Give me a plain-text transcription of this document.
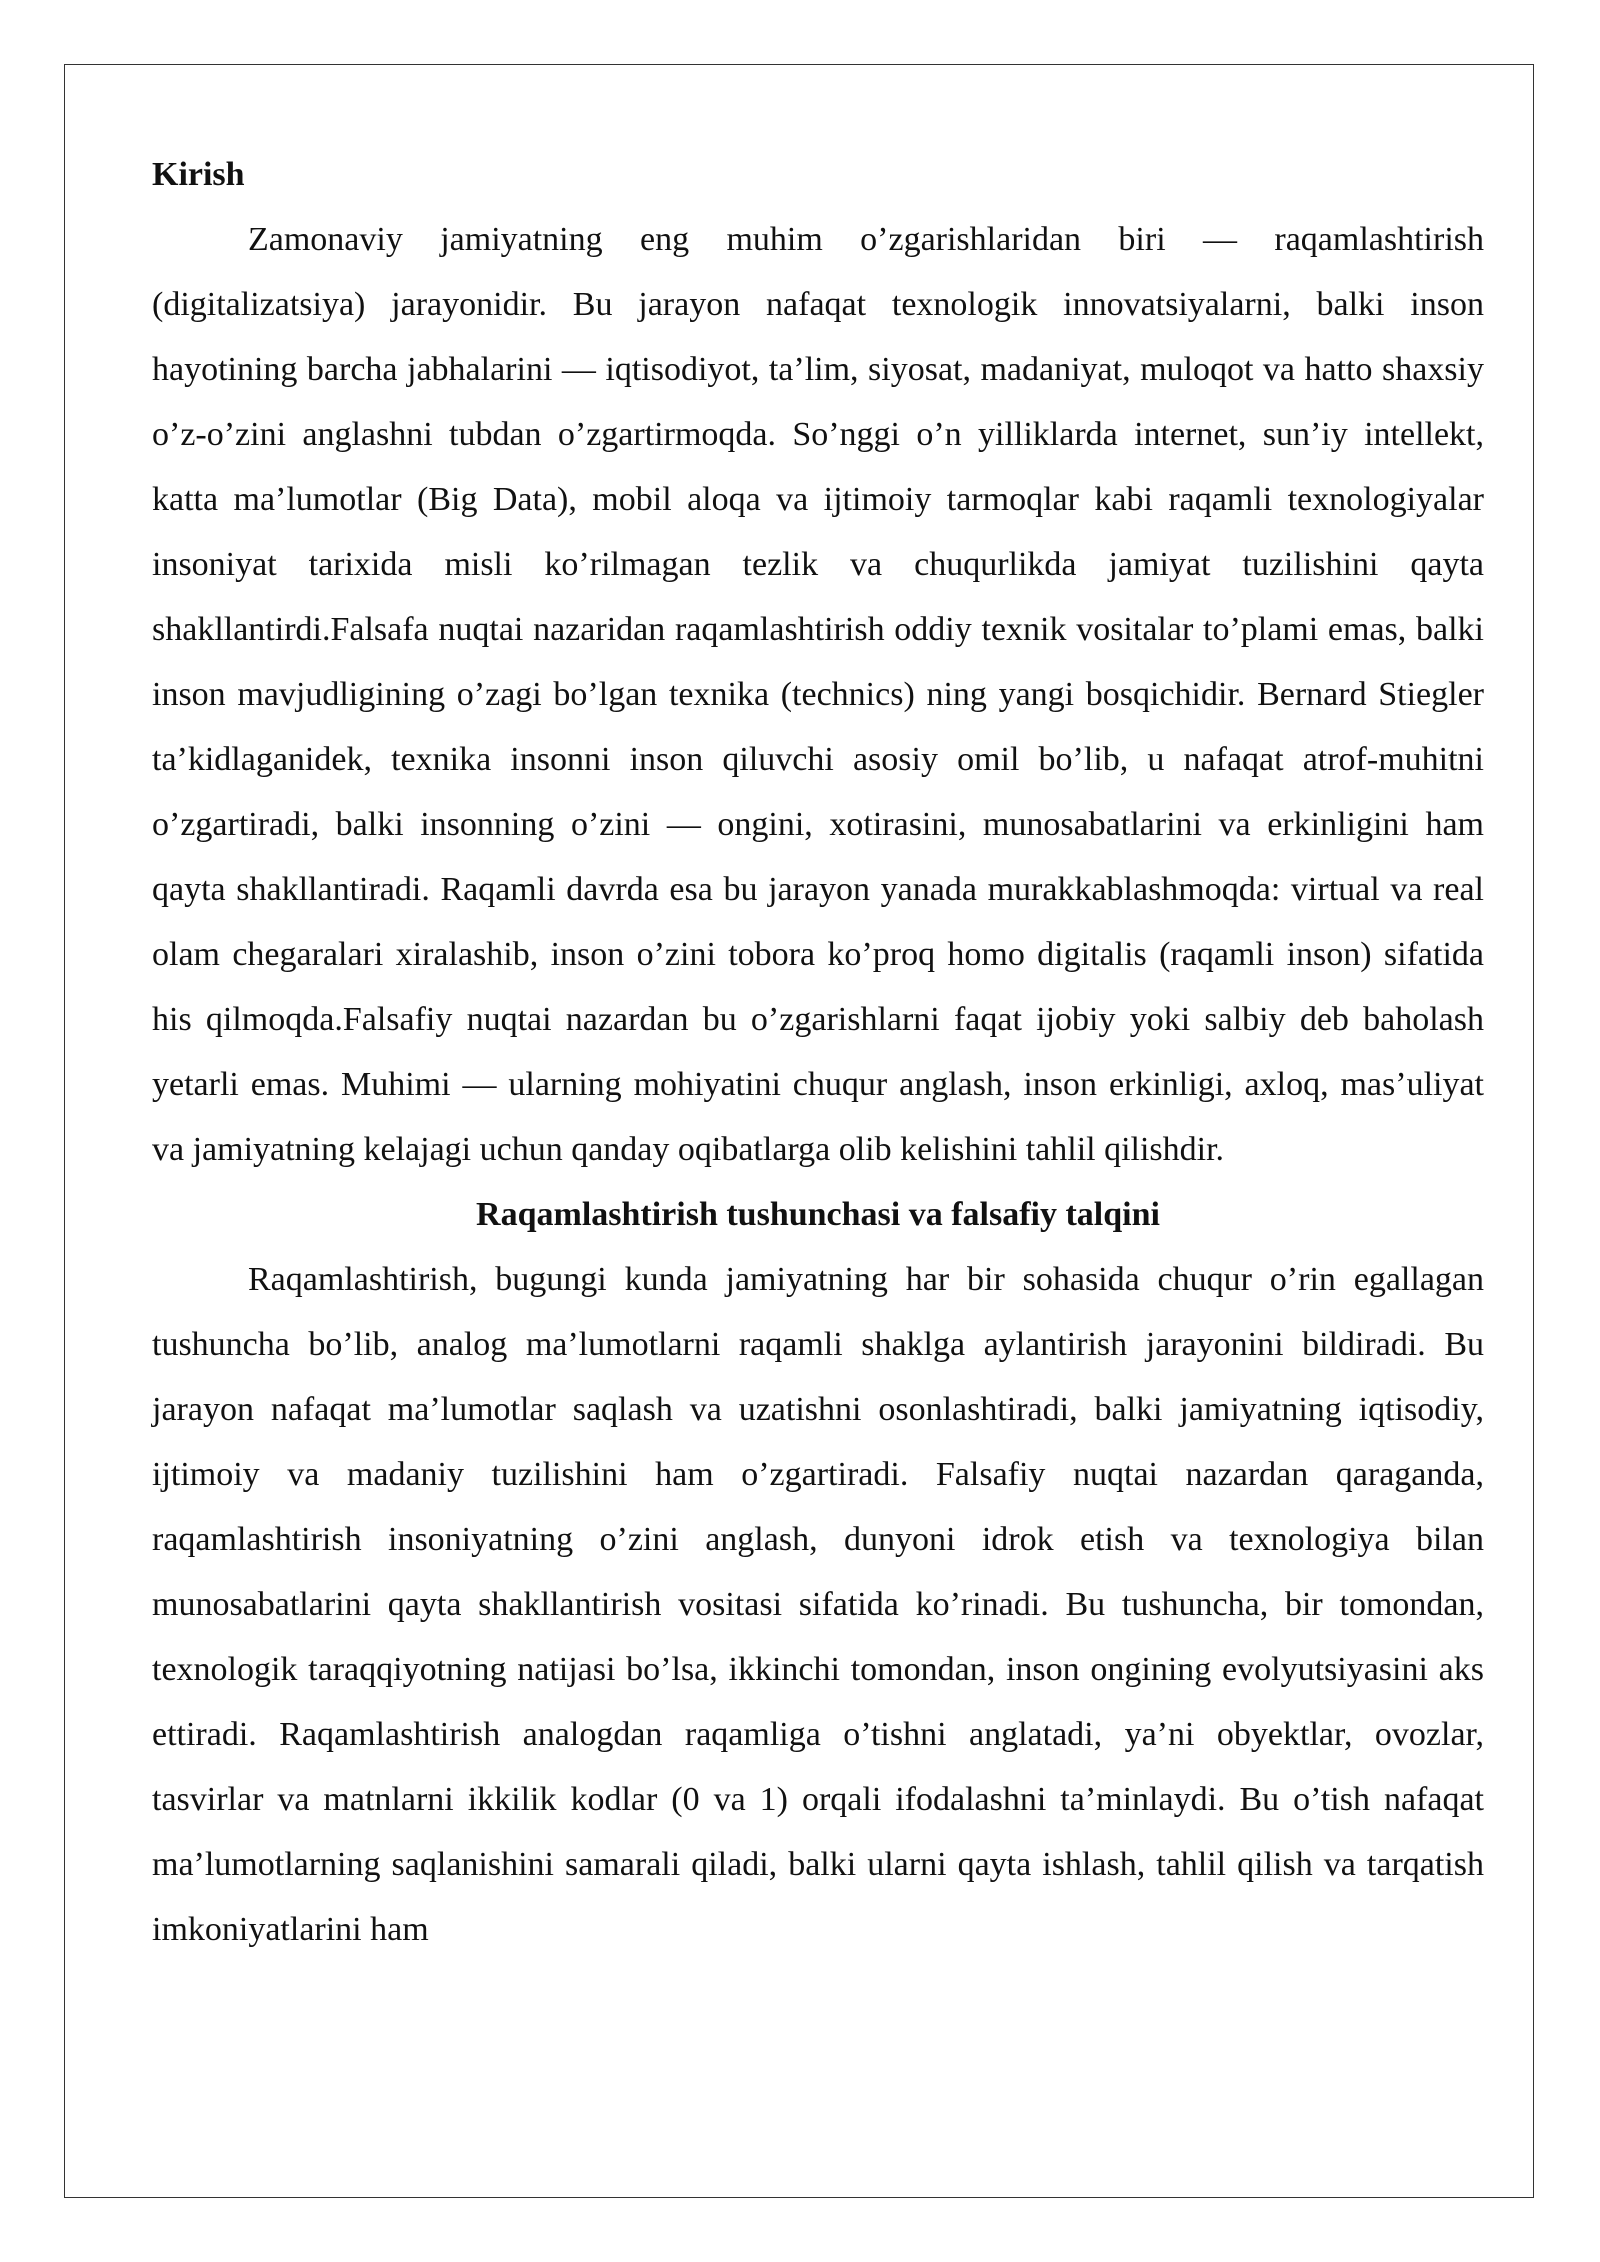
Kirish

Zamonaviy jamiyatning eng muhim o’zgarishlaridan biri — raqamlashtirish (digitalizatsiya) jarayonidir. Bu jarayon nafaqat texnologik innovatsiyalarni, balki inson hayotining barcha jabhalarini — iqtisodiyot, ta’lim, siyosat, madaniyat, muloqot va hatto shaxsiy o’z-o’zini anglashni tubdan o’zgartirmoqda. So’nggi o’n yilliklarda internet, sun’iy intellekt, katta ma’lumotlar (Big Data), mobil aloqa va ijtimoiy tarmoqlar kabi raqamli texnologiyalar insoniyat tarixida misli ko’rilmagan tezlik va chuqurlikda jamiyat tuzilishini qayta shakllantirdi.Falsafa nuqtai nazaridan raqamlashtirish oddiy texnik vositalar to’plami emas, balki inson mavjudligining o’zagi bo’lgan texnika (technics) ning yangi bosqichidir. Bernard Stiegler ta’kidlaganidek, texnika insonni inson qiluvchi asosiy omil bo’lib, u nafaqat atrof-muhitni o’zgartiradi, balki insonning o’zini — ongini, xotirasini, munosabatlarini va erkinligini ham qayta shakllantiradi. Raqamli davrda esa bu jarayon yanada murakkablashmoqda: virtual va real olam chegaralari xiralashib, inson o’zini tobora ko’proq homo digitalis (raqamli inson) sifatida his qilmoqda.Falsafiy nuqtai nazardan bu o’zgarishlarni faqat ijobiy yoki salbiy deb baholash yetarli emas. Muhimi — ularning mohiyatini chuqur anglash, inson erkinligi, axloq, mas’uliyat va jamiyatning kelajagi uchun qanday oqibatlarga olib kelishini tahlil qilishdir.

Raqamlashtirish tushunchasi va falsafiy talqini

Raqamlashtirish, bugungi kunda jamiyatning har bir sohasida chuqur o’rin egallagan tushuncha bo’lib, analog ma’lumotlarni raqamli shaklga aylantirish jarayonini bildiradi. Bu jarayon nafaqat ma’lumotlar saqlash va uzatishni osonlashtiradi, balki jamiyatning iqtisodiy, ijtimoiy va madaniy tuzilishini ham o’zgartiradi. Falsafiy nuqtai nazardan qaraganda, raqamlashtirish insoniyatning o’zini anglash, dunyoni idrok etish va texnologiya bilan munosabatlarini qayta shakllantirish vositasi sifatida ko’rinadi. Bu tushuncha, bir tomondan, texnologik taraqqiyotning natijasi bo’lsa, ikkinchi tomondan, inson ongining evolyutsiyasini aks ettiradi. Raqamlashtirish analogdan raqamliga o’tishni anglatadi, ya’ni obyektlar, ovozlar, tasvirlar va matnlarni ikkilik kodlar (0 va 1) orqali ifodalashni ta’minlaydi. Bu o’tish nafaqat ma’lumotlarning saqlanishini samarali qiladi, balki ularni qayta ishlash, tahlil qilish va tarqatish imkoniyatlarini ham
